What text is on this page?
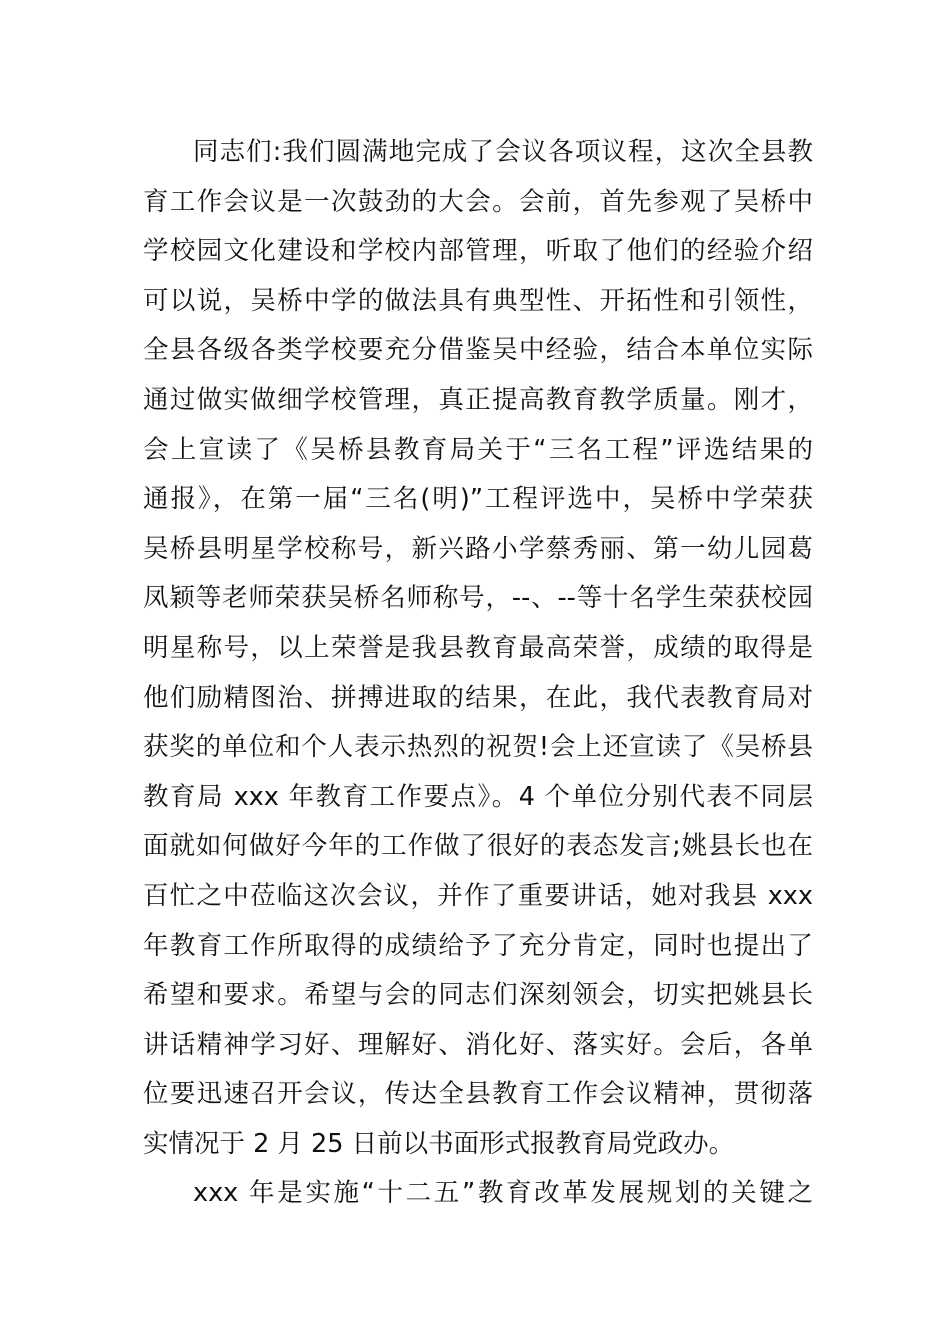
同志们:我们圆满地完成了会议各项议程，这次全县教
育工作会议是一次鼓劲的大会。会前，首先参观了吴桥中
学校园文化建设和学校内部管理，听取了他们的经验介绍
可以说，吴桥中学的做法具有典型性、开拓性和引领性，
全县各级各类学校要充分借鉴吴中经验，结合本单位实际
通过做实做细学校管理，真正提高教育教学质量。刚才，
会上宣读了《吴桥县教育局关于“三名工程”评选结果的
通报》，在第一届“三名(明)”工程评选中，吴桥中学荣获
吴桥县明星学校称号，新兴路小学蔡秀丽、第一幼儿园葛
凤颖等老师荣获吴桥名师称号，--、--等十名学生荣获校园
明星称号，以上荣誉是我县教育最高荣誉，成绩的取得是
他们励精图治、拼搏进取的结果，在此，我代表教育局对
获奖的单位和个人表示热烈的祝贺!会上还宣读了《吴桥县
教育局 xxx 年教育工作要点》。4 个单位分别代表不同层
面就如何做好今年的工作做了很好的表态发言;姚县长也在
百忙之中莅临这次会议，并作了重要讲话，她对我县 xxx
年教育工作所取得的成绩给予了充分肯定，同时也提出了
希望和要求。希望与会的同志们深刻领会，切实把姚县长
讲话精神学习好、理解好、消化好、落实好。会后，各单
位要迅速召开会议，传达全县教育工作会议精神，贯彻落
实情况于 2 月 25 日前以书面形式报教育局党政办。
xxx 年是实施“十二五”教育改革发展规划的关键之
